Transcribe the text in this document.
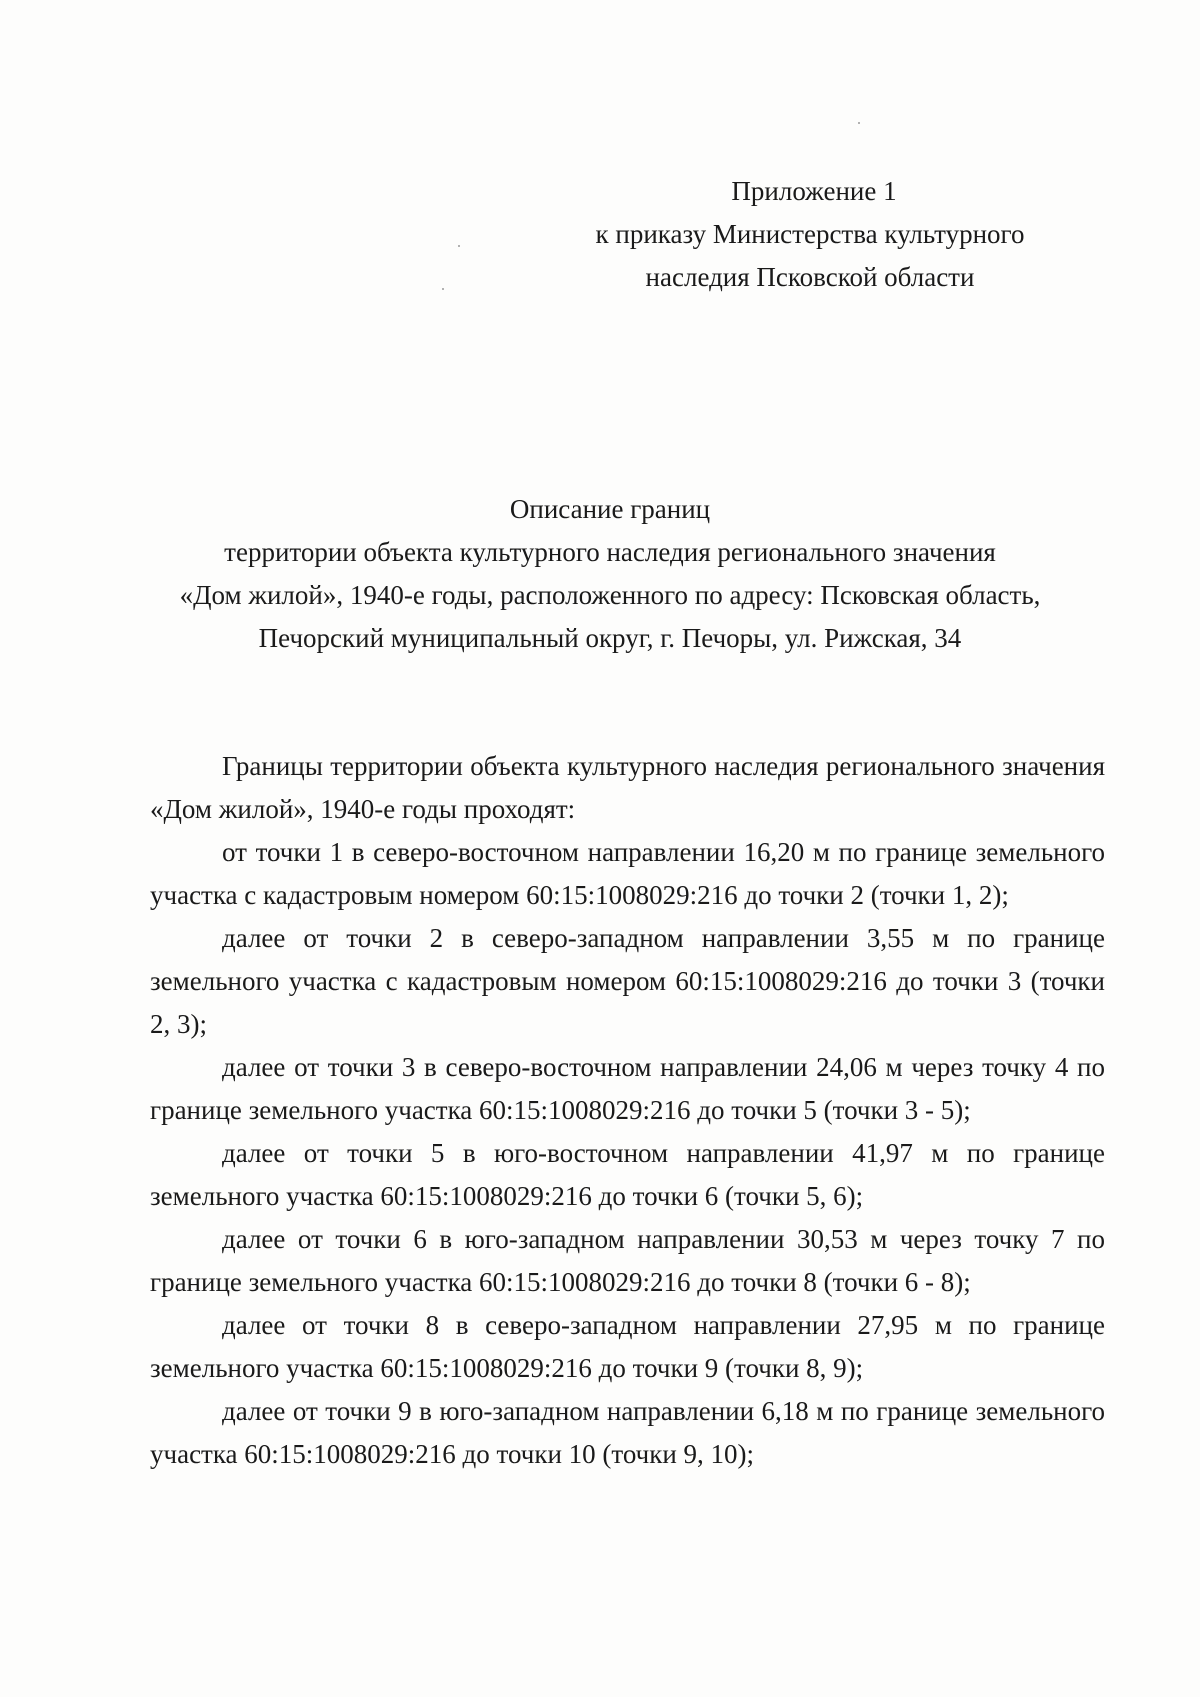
Приложение 1
к приказу Министерства культурного
наследия Псковской области
Описание границ
территории объекта культурного наследия регионального значения
«Дом жилой», 1940-е годы, расположенного по адресу: Псковская область,
Печорский муниципальный округ, г. Печоры, ул. Рижская, 34

Границы территории объекта культурного наследия регионального значения «Дом жилой», 1940-е годы проходят:

от точки 1 в северо-восточном направлении 16,20 м по границе земельного участка с кадастровым номером 60:15:1008029:216 до точки 2 (точки 1, 2);

далее от точки 2 в северо-западном направлении 3,55 м по границе земельного участка с кадастровым номером 60:15:1008029:216 до точки 3 (точки 2, 3);

далее от точки 3 в северо-восточном направлении 24,06 м через точку 4 по границе земельного участка 60:15:1008029:216 до точки 5 (точки 3 - 5);

далее от точки 5 в юго-восточном направлении 41,97 м по границе земельного участка 60:15:1008029:216 до точки 6 (точки 5, 6);

далее от точки 6 в юго-западном направлении 30,53 м через точку 7 по границе земельного участка 60:15:1008029:216 до точки 8 (точки 6 - 8);

далее от точки 8 в северо-западном направлении 27,95 м по границе земельного участка 60:15:1008029:216 до точки 9 (точки 8, 9);

далее от точки 9 в юго-западном направлении 6,18 м по границе земельного участка 60:15:1008029:216 до точки 10 (точки 9, 10);
